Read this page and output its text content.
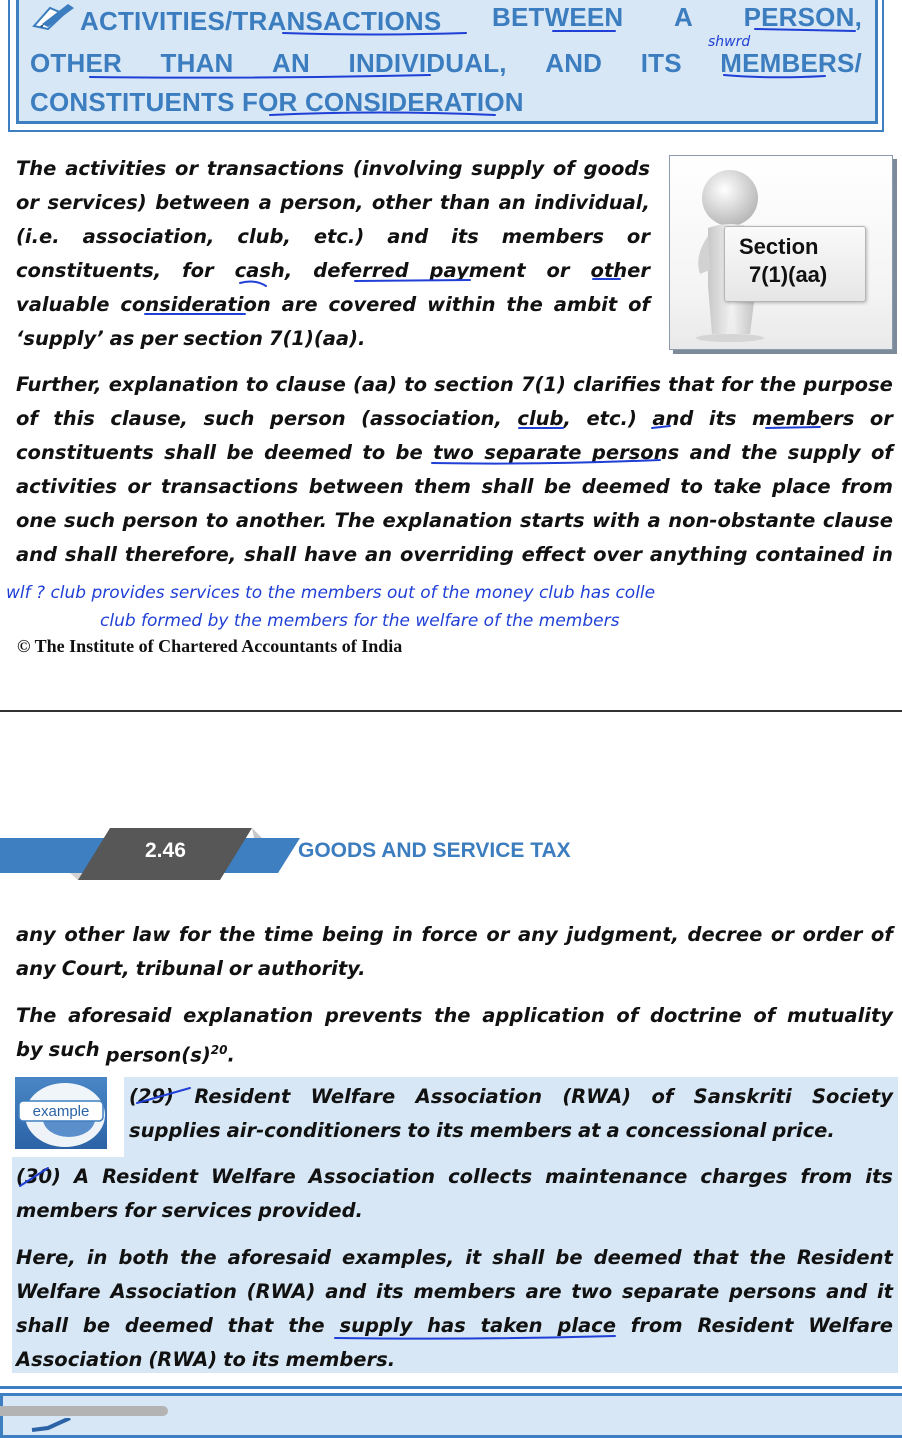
ACTIVITIES/TRANSACTIONS BETWEEN A PERSON,
OTHER THAN AN INDIVIDUAL, AND ITS MEMBERS/
CONSTITUENTS FOR CONSIDERATION
The activities or transactions (involving supply of goods
or services) between a person, other than an individual,
(i.e. association, club, etc.) and its members or
constituents, for cash, deferred payment or other
valuable consideration are covered within the ambit of
‘supply’ as per section 7(1)(aa).
Section
7(1)(aa)
Further, explanation to clause (aa) to section 7(1) clarifies that for the purpose
of this clause, such person (association, club, etc.) and its members or
constituents shall be deemed to be two separate persons and the supply of
activities or transactions between them shall be deemed to take place from
one such person to another. The explanation starts with a non-obstante clause
and shall therefore, shall have an overriding effect over anything contained in
© The Institute of Chartered Accountants of India
2.46	GOODS AND SERVICE TAX
any other law for the time being in force or any judgment, decree or order of
any Court, tribunal or authority.
The aforesaid explanation prevents the application of doctrine of mutuality
by such $person(s)^{20}$.
example
(29) Resident Welfare Association (RWA) of Sanskriti Society
supplies air-conditioners to its members at a concessional price.
(30) A Resident Welfare Association collects maintenance charges from its
members for services provided.
Here, in both the aforesaid examples, it shall be deemed that the Resident
Welfare Association (RWA) and its members are two separate persons and it
shall be deemed that the supply has taken place from Resident Welfare
Association (RWA) to its members.
shwrd
wlf ? club provides services to the members out of the money club has colle
club formed by the members for the welfare of the members
